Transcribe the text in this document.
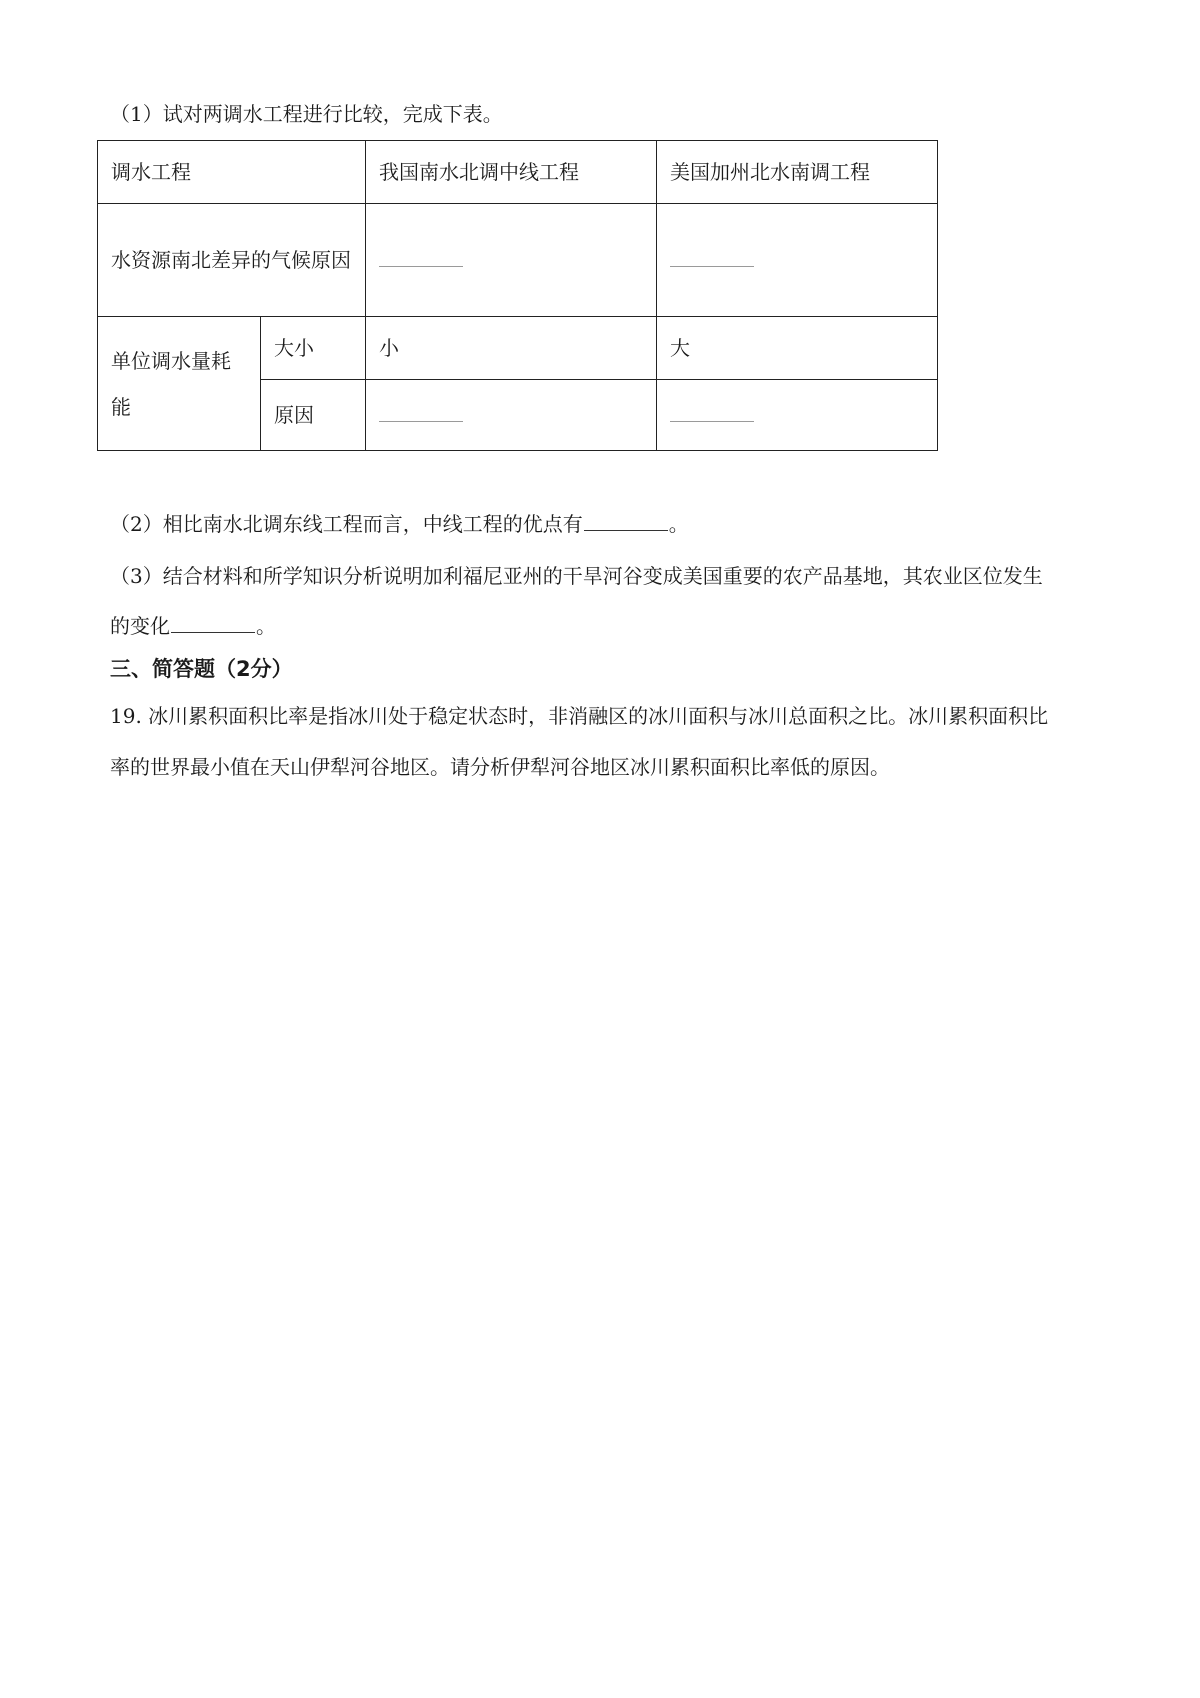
（1）试对两调水工程进行比较，完成下表。
调水工程		我国南水北调中线工程	美国加州北水南调工程
水资源南北差异的气候原因			
单位调水量耗能	大小	小	大
	原因		
（2）相比南水北调东线工程而言，中线工程的优点有	。
（3）结合材料和所学知识分析说明加利福尼亚州的干旱河谷变成美国重要的农产品基地，其农业区位发生
的变化	。
三、简答题（2分）
19. 冰川累积面积比率是指冰川处于稳定状态时，非消融区的冰川面积与冰川总面积之比。冰川累积面积比
率的世界最小值在天山伊犁河谷地区。请分析伊犁河谷地区冰川累积面积比率低的原因。
